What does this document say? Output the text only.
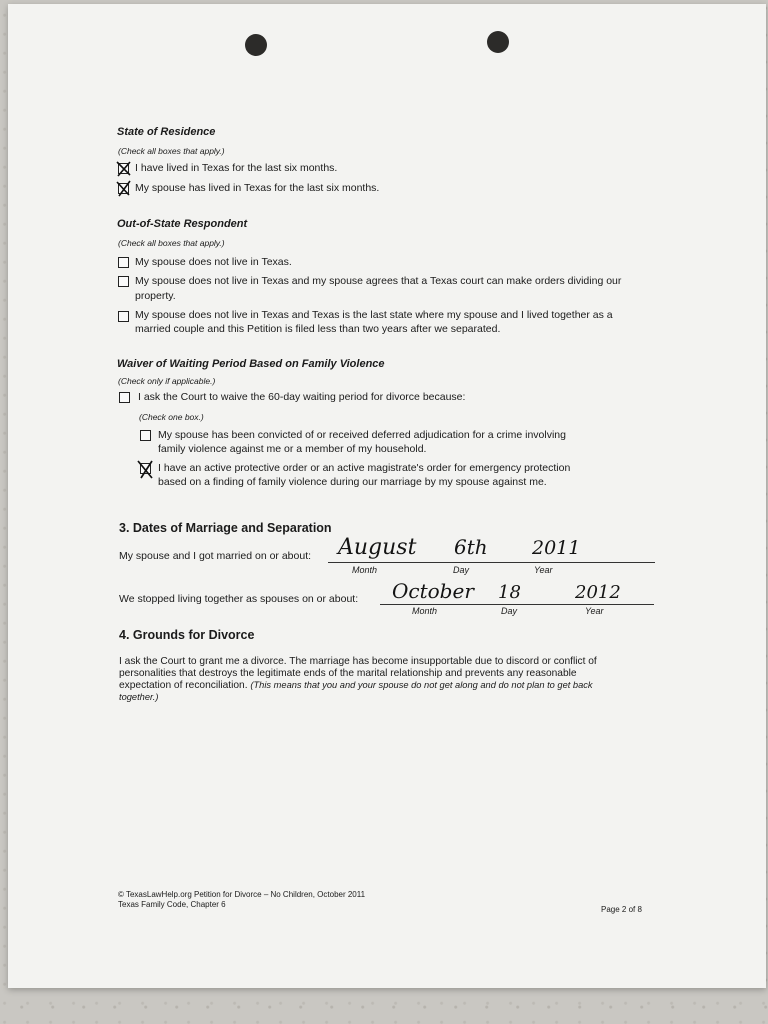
State of Residence
(Check all boxes that apply.)
I have lived in Texas for the last six months.
My spouse has lived in Texas for the last six months.
Out-of-State Respondent
(Check all boxes that apply.)
My spouse does not live in Texas.
My spouse does not live in Texas and my spouse agrees that a Texas court can make orders dividing our
property.
My spouse does not live in Texas and Texas is the last state where my spouse and I lived together as a
married couple and this Petition is filed less than two years after we separated.
Waiver of Waiting Period Based on Family Violence
(Check only if applicable.)
I ask the Court to waive the 60-day waiting period for divorce because:
(Check one box.)
My spouse has been convicted of or received deferred adjudication for a crime involving
family violence against me or a member of my household.
I have an active protective order or an active magistrate's order for emergency protection
based on a finding of family violence during our marriage by my spouse against me.
3. Dates of Marriage and Separation
My spouse and I got married on or about: August 6th 2011
Month	Day	Year
We stopped living together as spouses on or about: October 18	2012
Month	Day	Year
4. Grounds for Divorce
I ask the Court to grant me a divorce. The marriage has become insupportable due to discord or conflict of
personalities that destroys the legitimate ends of the marital relationship and prevents any reasonable
expectation of reconciliation. (This means that you and your spouse do not get along and do not plan to get back
together.)
© TexasLawHelp.org Petition for Divorce – No Children, October 2011
Texas Family Code, Chapter 6
Page 2 of 8
